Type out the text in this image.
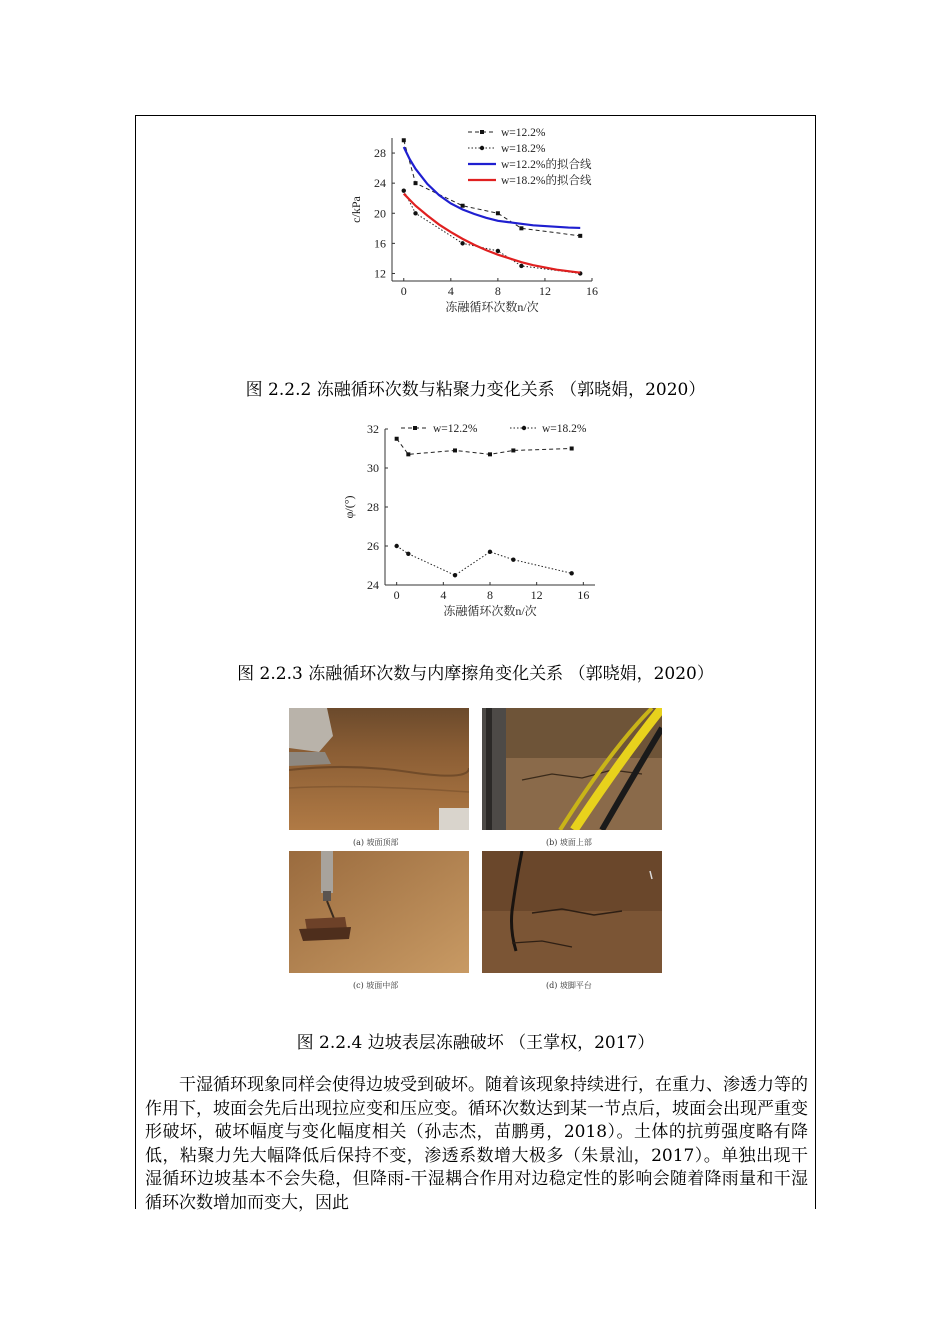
0	4	8	12	16
12
16
20
24
28
冻融循环次数n/次
c/kPa
w=12.2%
w=18.2%
w=12.2%的拟合线
w=18.2%的拟合线
图 2.2.2 冻融循环次数与粘聚力变化关系 （郭晓娟，2020）
0	4	8	12	16
24
26
28
30
32
冻融循环次数n/次
φ/(°)
w=12.2%	w=18.2%
图 2.2.3 冻融循环次数与内摩擦角变化关系 （郭晓娟，2020）
(a) 坡面顶部	(b) 坡面上部
(c) 坡面中部	(d) 坡脚平台
图 2.2.4 边坡表层冻融破坏 （王掌权，2017）

干湿循环现象同样会使得边坡受到破坏。随着该现象持续进行，在重力、渗透力等的作用下，坡面会先后出现拉应变和压应变。循环次数达到某一节点后，坡面会出现严重变形破坏，破坏幅度与变化幅度相关（孙志杰，苗鹏勇，2018）。土体的抗剪强度略有降低，粘聚力先大幅降低后保持不变，渗透系数增大极多（朱景汕，2017）。单独出现干湿循环边坡基本不会失稳，但降雨-干湿耦合作用对边稳定性的影响会随着降雨量和干湿循环次数增加而变大，因此
